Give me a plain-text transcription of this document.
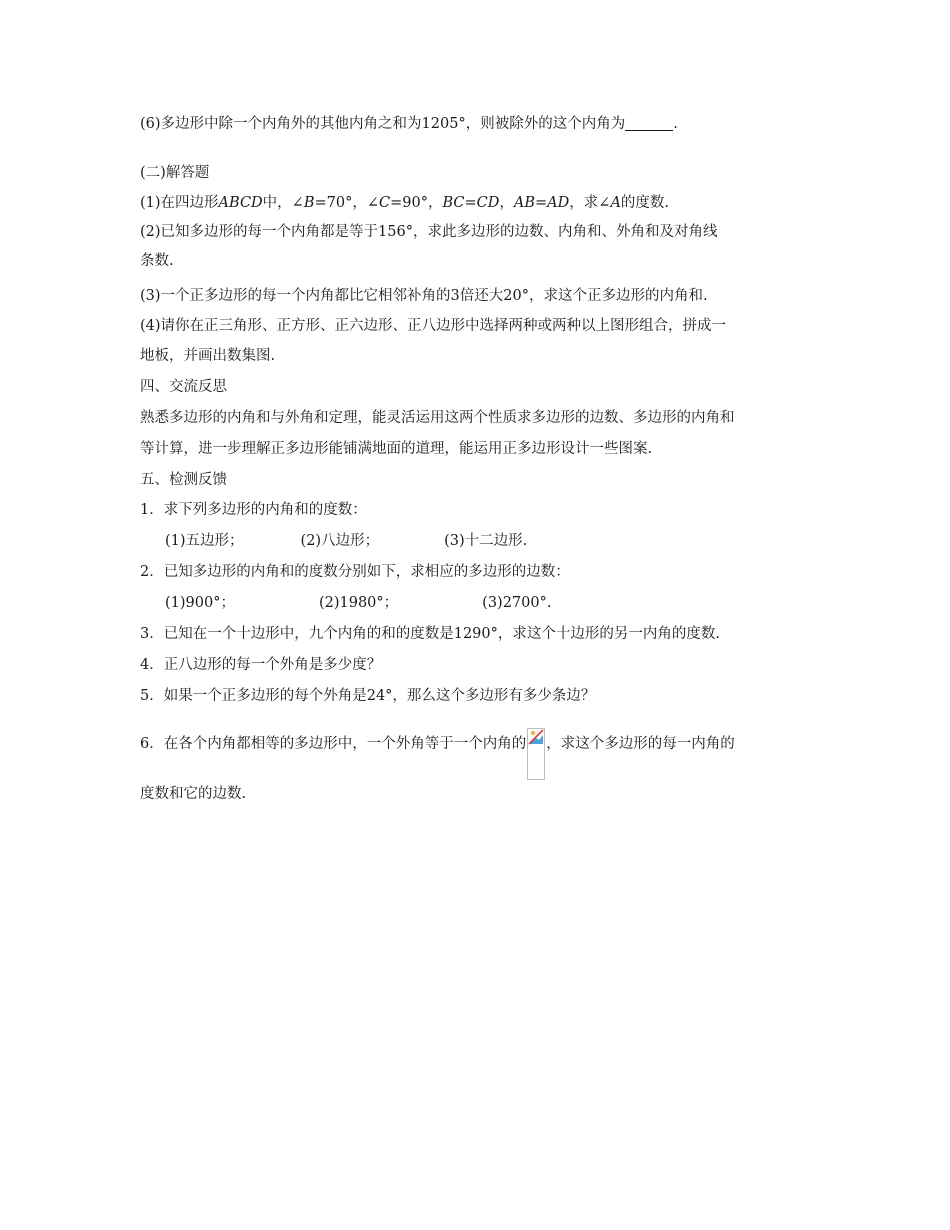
(6)多边形中除一个内角外的其他内角之和为1205°，则被除外的这个内角为	.
(二)解答题
(1)在四边形ABCD中，∠B=70°，∠C=90°，BC=CD，AB=AD，求∠A的度数.
(2)已知多边形的每一个内角都是等于156°，求此多边形的边数、内角和、外角和及对角线
条数.
(3)一个正多边形的每一个内角都比它相邻补角的3倍还大20°，求这个正多边形的内角和.
(4)请你在正三角形、正方形、正六边形、正八边形中选择两种或两种以上图形组合，拼成一
地板，并画出数集图.
四、交流反思
熟悉多边形的内角和与外角和定理，能灵活运用这两个性质求多边形的边数、多边形的内角和
等计算，进一步理解正多边形能铺满地面的道理，能运用正多边形设计一些图案.
五、检测反馈
1．求下列多边形的内角和的度数：
(1)五边形；	(2)八边形；	(3)十二边形.
2．已知多边形的内角和的度数分别如下，求相应的多边形的边数：
(1)900°；	(2)1980°；	(3)2700°.
3．已知在一个十边形中，九个内角的和的度数是1290°，求这个十边形的另一内角的度数.
4．正八边形的每一个外角是多少度？
5．如果一个正多边形的每个外角是24°，那么这个多边形有多少条边？
6．在各个内角都相等的多边形中，一个外角等于一个内角的 ，求这个多边形的每一内角的
度数和它的边数.
